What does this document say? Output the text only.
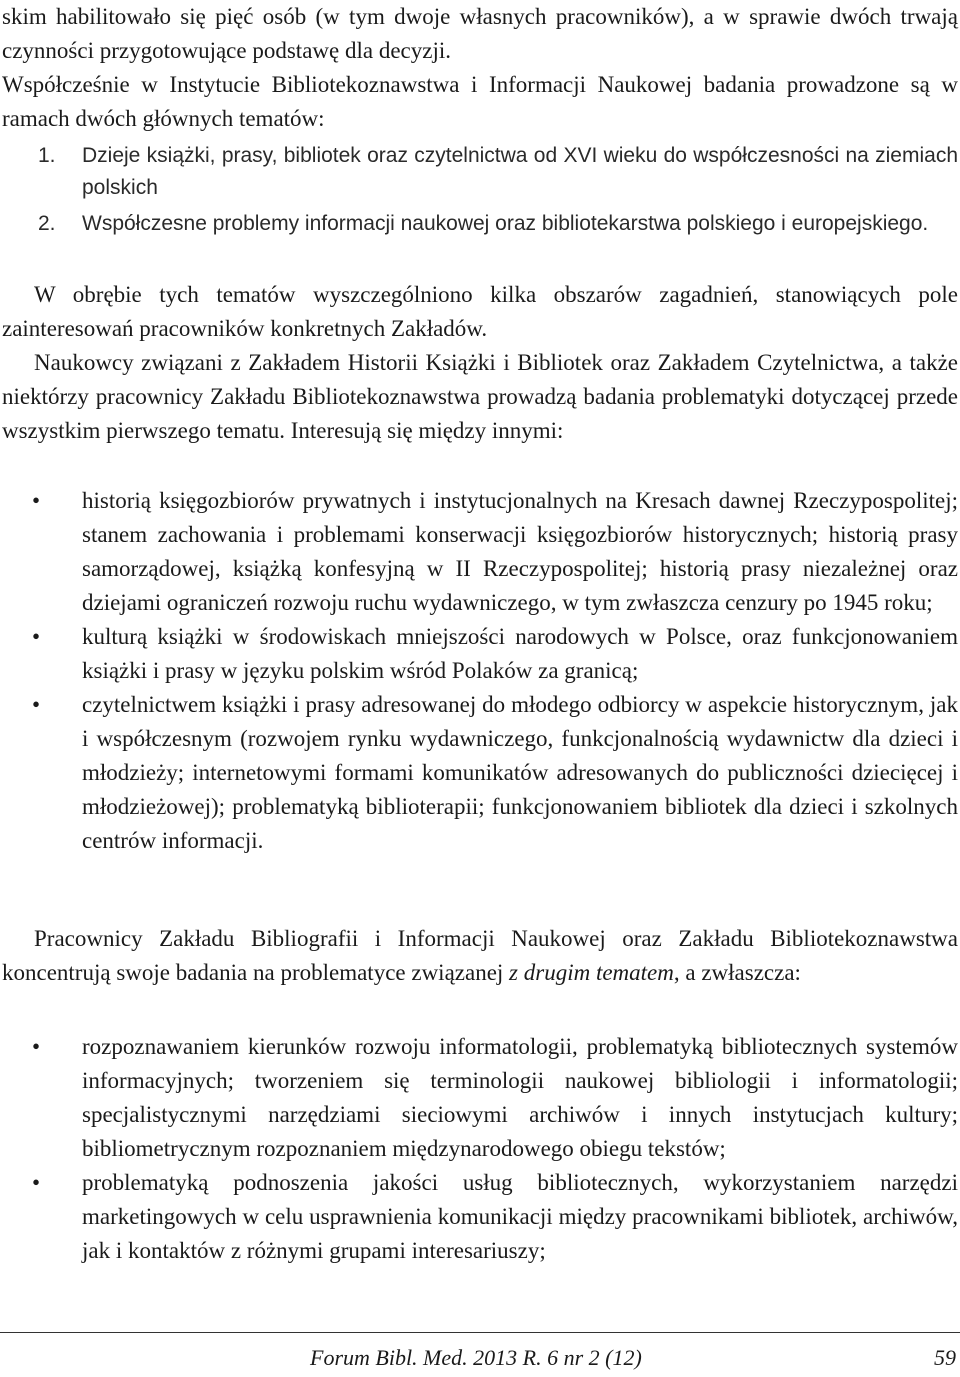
skim habilitowało się pięć osób (w tym dwoje własnych pracowników), a w sprawie dwóch trwają czynności przygotowujące podstawę dla decyzji.
Współcześnie w Instytucie Bibliotekoznawstwa i Informacji Naukowej badania prowadzone są w ramach dwóch głównych tematów:
1. Dzieje książki, prasy, bibliotek oraz czytelnictwa od XVI wieku do współczesności na ziemiach polskich
2. Współczesne problemy informacji naukowej oraz bibliotekarstwa polskiego i europejskiego.
W obrębie tych tematów wyszczególniono kilka obszarów zagadnień, stanowiących pole zainteresowań pracowników konkretnych Zakładów.
Naukowcy związani z Zakładem Historii Książki i Bibliotek oraz Zakładem Czytelnictwa, a także niektórzy pracownicy Zakładu Bibliotekoznawstwa prowadzą badania problematyki dotyczącej przede wszystkim pierwszego tematu. Interesują się między innymi:
• historią księgozbiorów prywatnych i instytucjonalnych na Kresach dawnej Rzeczypospolitej; stanem zachowania i problemami konserwacji księgozbiorów historycznych; historią prasy samorządowej, książką konfesyjną w II Rzeczypospolitej; historią prasy niezależnej oraz dziejami ograniczeń rozwoju ruchu wydawniczego, w tym zwłaszcza cenzury po 1945 roku;
• kulturą książki w środowiskach mniejszości narodowych w Polsce, oraz funkcjonowaniem książki i prasy w języku polskim wśród Polaków za granicą;
• czytelnictwem książki i prasy adresowanej do młodego odbiorcy w aspekcie historycznym, jak i współczesnym (rozwojem rynku wydawniczego, funkcjonalnością wydawnictw dla dzieci i młodzieży; internetowymi formami komunikatów adresowanych do publiczności dziecięcej i młodzieżowej); problematyką biblioterapii; funkcjonowaniem bibliotek dla dzieci i szkolnych centrów informacji.
Pracownicy Zakładu Bibliografii i Informacji Naukowej oraz Zakładu Bibliotekoznawstwa koncentrują swoje badania na problematyce związanej z drugim tematem, a zwłaszcza:
• rozpoznawaniem kierunków rozwoju informatologii, problematyką bibliotecznych systemów informacyjnych; tworzeniem się terminologii naukowej bibliologii i informatologii; specjalistycznymi narzędziami sieciowymi archiwów i innych instytucjach kultury; bibliometrycznym rozpoznaniem międzynarodowego obiegu tekstów;
• problematyką podnoszenia jakości usług bibliotecznych, wykorzystaniem narzędzi marketingowych w celu usprawnienia komunikacji między pracownikami bibliotek, archiwów, jak i kontaktów z różnymi grupami interesariuszy;
Forum Bibl. Med. 2013 R. 6 nr 2 (12)	59
